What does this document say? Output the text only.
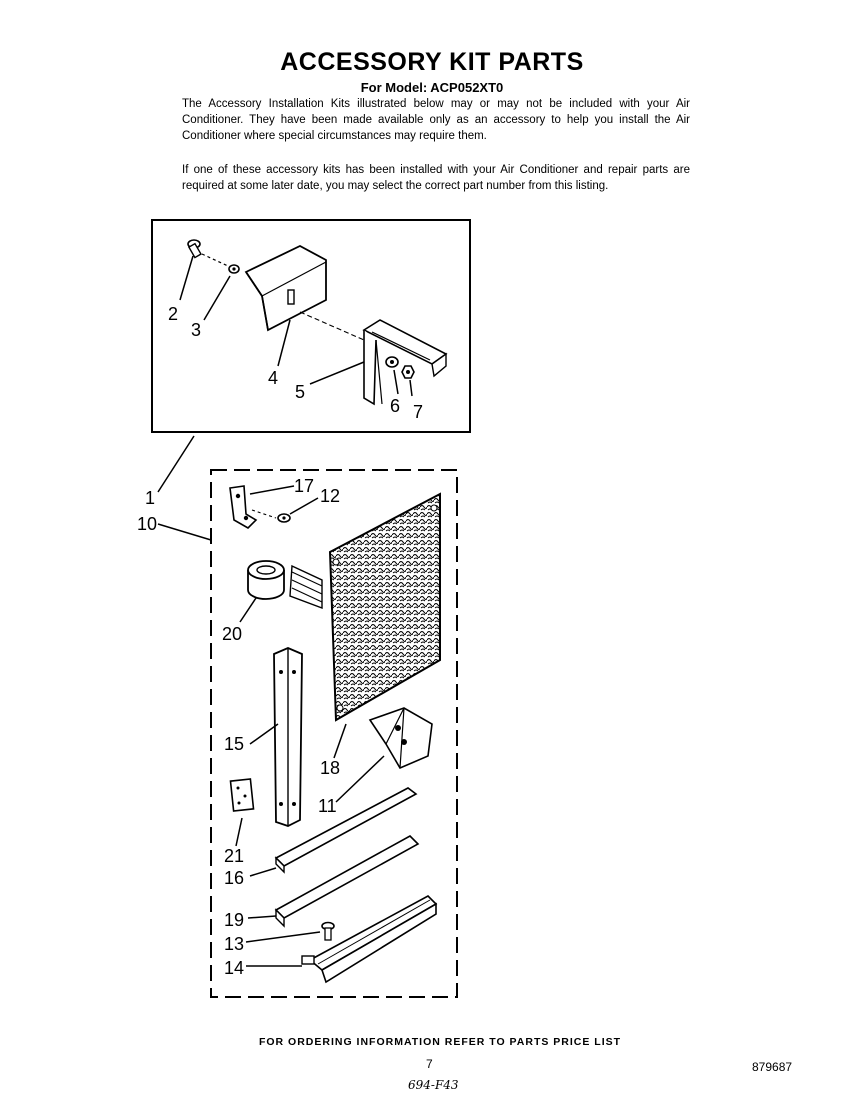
ACCESSORY KIT PARTS
For Model: ACP052XT0

The Accessory Installation Kits illustrated below may or may not be included with your Air Conditioner. They have been made available only as an accessory to help you install the Air Conditioner where special circumstances may require them.

If one of these accessory kits has been installed with your Air Conditioner and repair parts are required at some later date, you may select the correct part number from this listing.

2
3
4
5
6 7
1
10
17 12
20
15
18
11
21
16
19
13
14
FOR ORDERING INFORMATION REFER TO PARTS PRICE LIST
7	879687
694-F43
